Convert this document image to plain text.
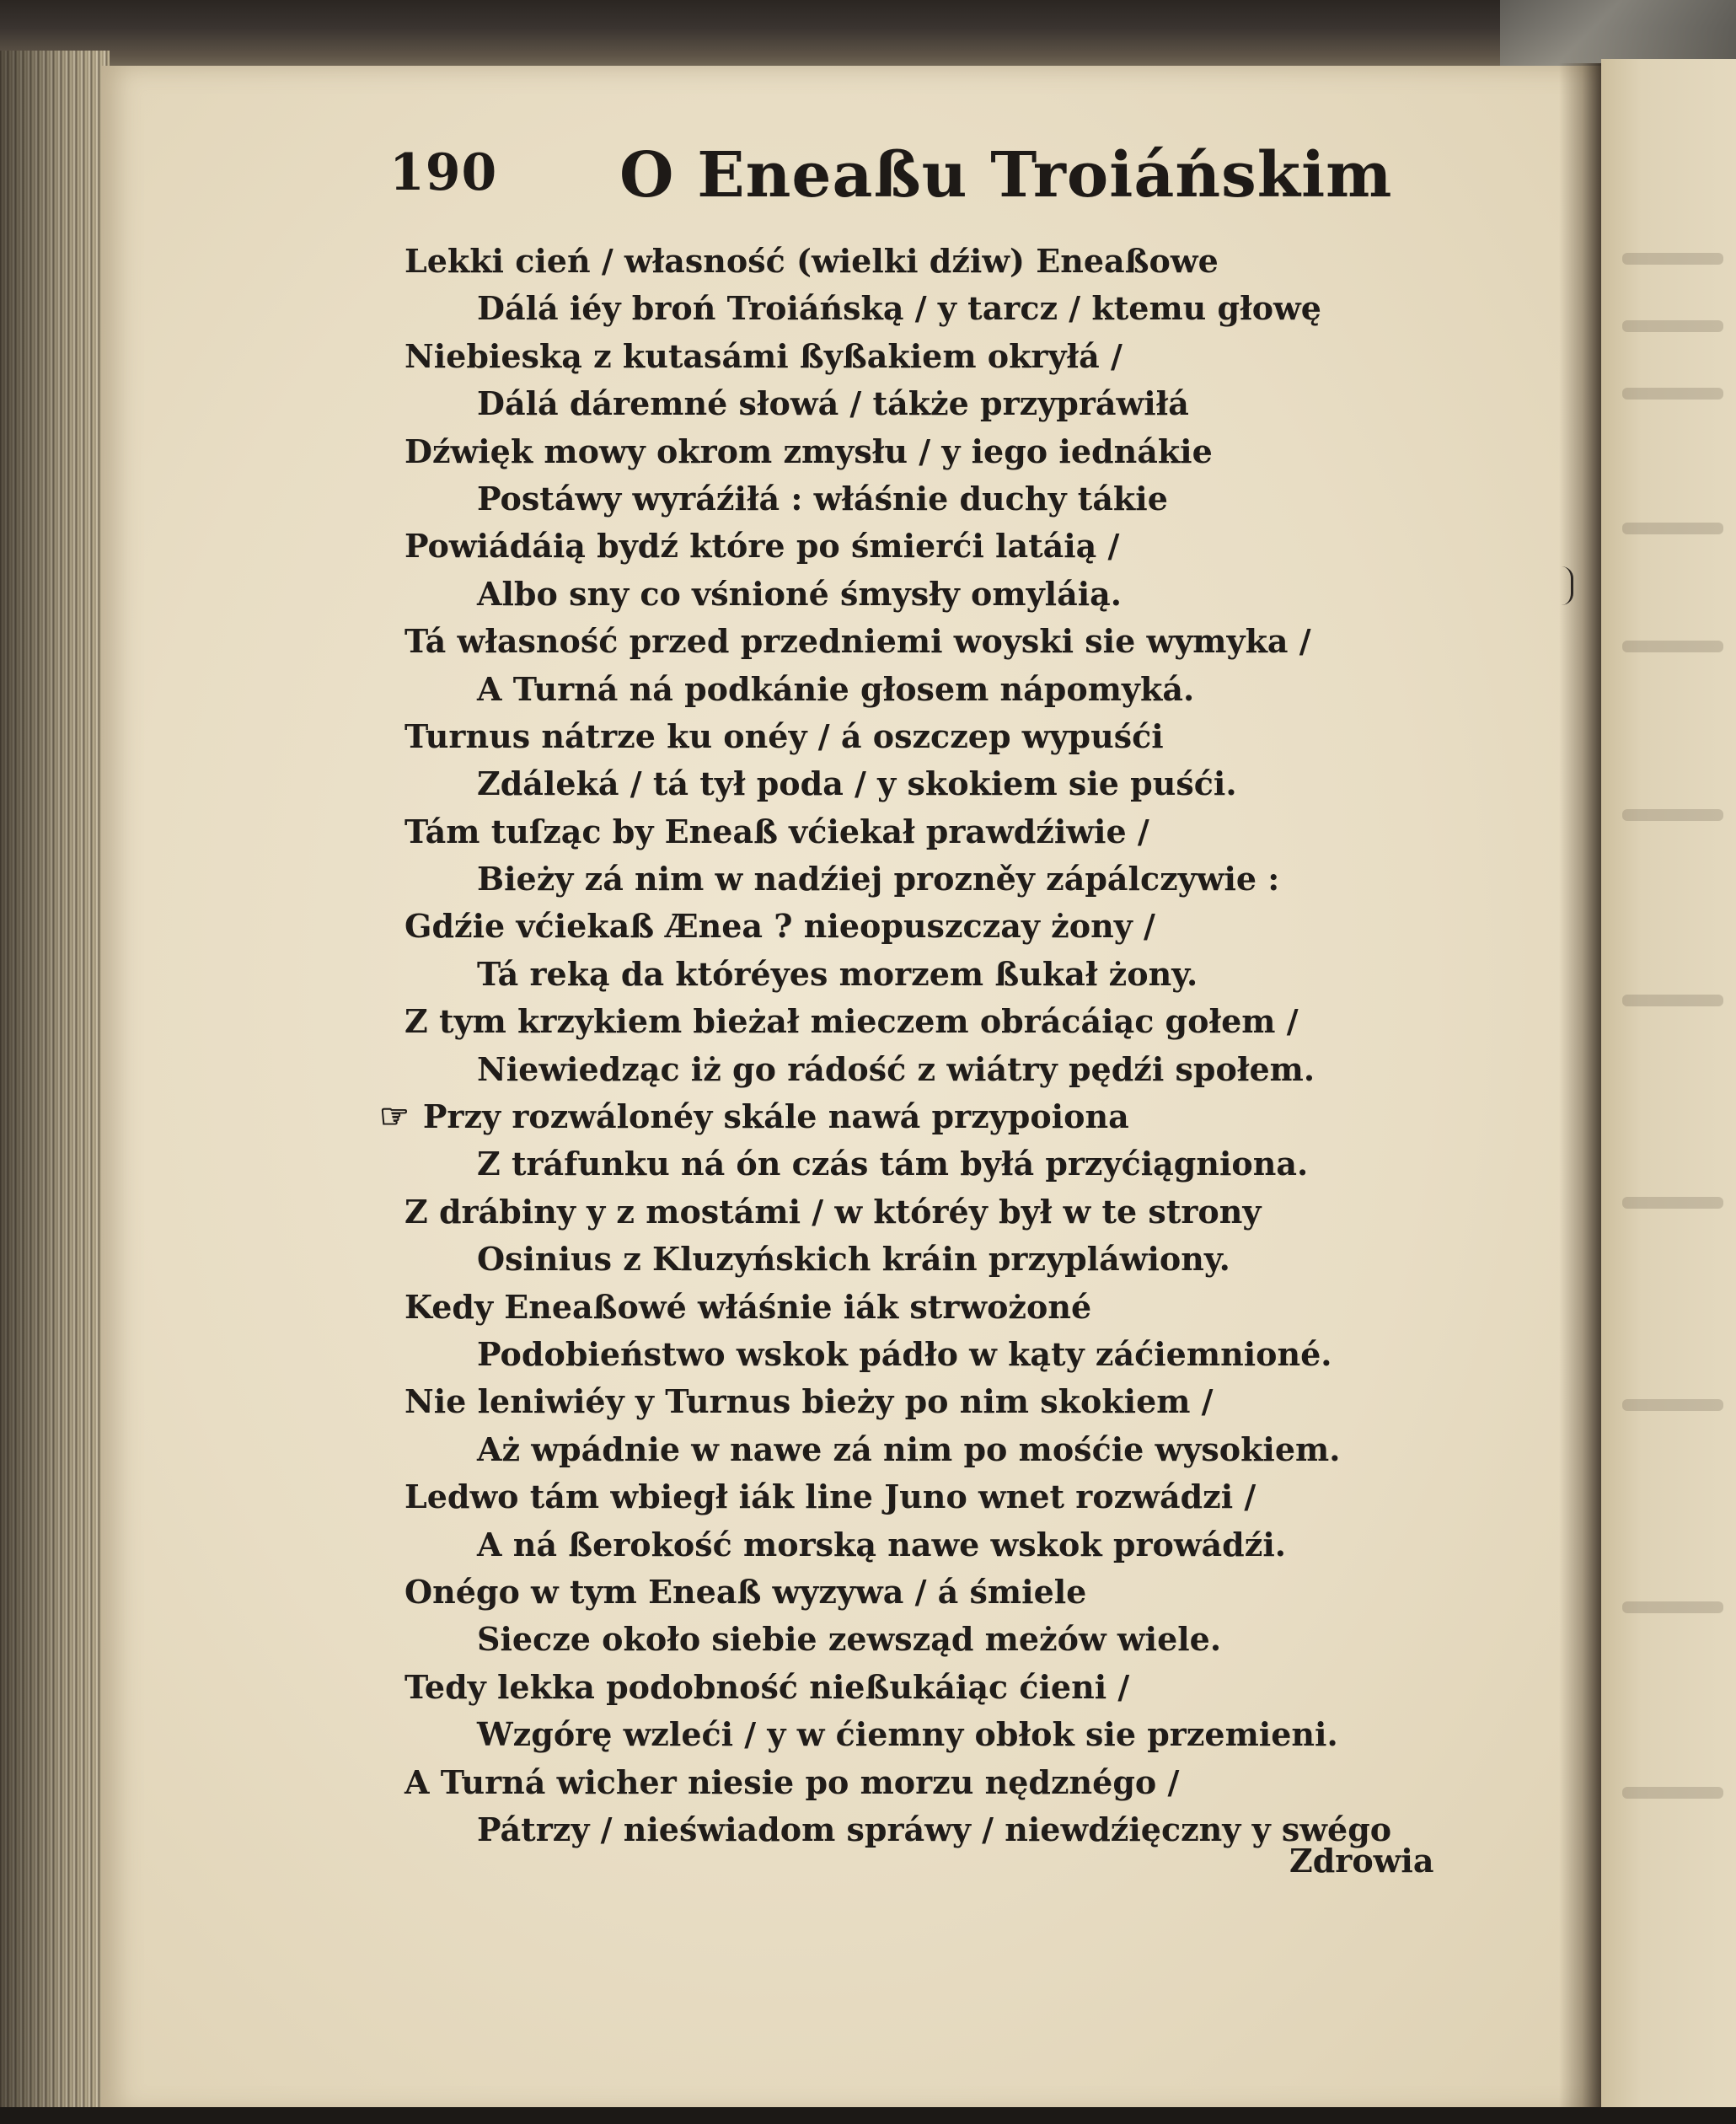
190 O Eneaßu Troiáńskim
Lekki cień / własność (wielki dźiw) Eneaßowe
Dálá iéy broń Troiáńską / y tarcz / ktemu głowę
Niebieską z kutasámi ßyßakiem okryłá /
Dálá dáremné słowá / tákże przypráwiłá
Dźwięk mowy okrom zmysłu / y iego iednákie
Postáwy wyráźiłá : włáśnie duchy tákie
Powiádáią bydź które po śmierći latáią /
Albo sny co vśnioné śmysły omyláią.
Tá własność przed przedniemi woyski sie wymyka /
A Turná ná podkánie głosem nápomyká.
Turnus nátrze ku onéy / á oszczep wypuśći
Zdáleká / tá tył poda / y skokiem sie puśći.
Tám tuſząc by Eneaß vćiekał prawdźiwie /
Bieży zá nim w nadźiej prozněy zápálczywie :
Gdźie vćiekaß Ænea ? nieopuszczay żony /
Tá reką da któréyes morzem ßukał żony.
Z tym krzykiem bieżał mieczem obrácáiąc gołem /
Niewiedząc iż go rádość z wiátry pędźi społem.
☞ Przy rozwálonéy skále nawá przypoiona
Z tráfunku ná ón czás tám byłá przyćiągniona.
Z drábiny y z mostámi / w któréy był w te strony
Osinius z Kluzyńskich kráin przypláwiony.
Kedy Eneaßowé włáśnie iák strwożoné
Podobieństwo wskok pádło w kąty záćiemnioné.
Nie leniwiéy y Turnus bieży po nim skokiem /
Aż wpádnie w nawe zá nim po mośćie wysokiem.
Ledwo tám wbiegł iák line Juno wnet rozwádzi /
A ná ßerokość morską nawe wskok prowádźi.
Onégo w tym Eneaß wyzywa / á śmiele
Siecze około siebie zewsząd meżów wiele.
Tedy lekka podobność nießukáiąc ćieni /
Wzgórę wzleći / y w ćiemny obłok sie przemieni.
A Turná wicher niesie po morzu nędznégo /
Pátrzy / nieświadom spráwy / niewdźięczny y swégo
Zdrowia
